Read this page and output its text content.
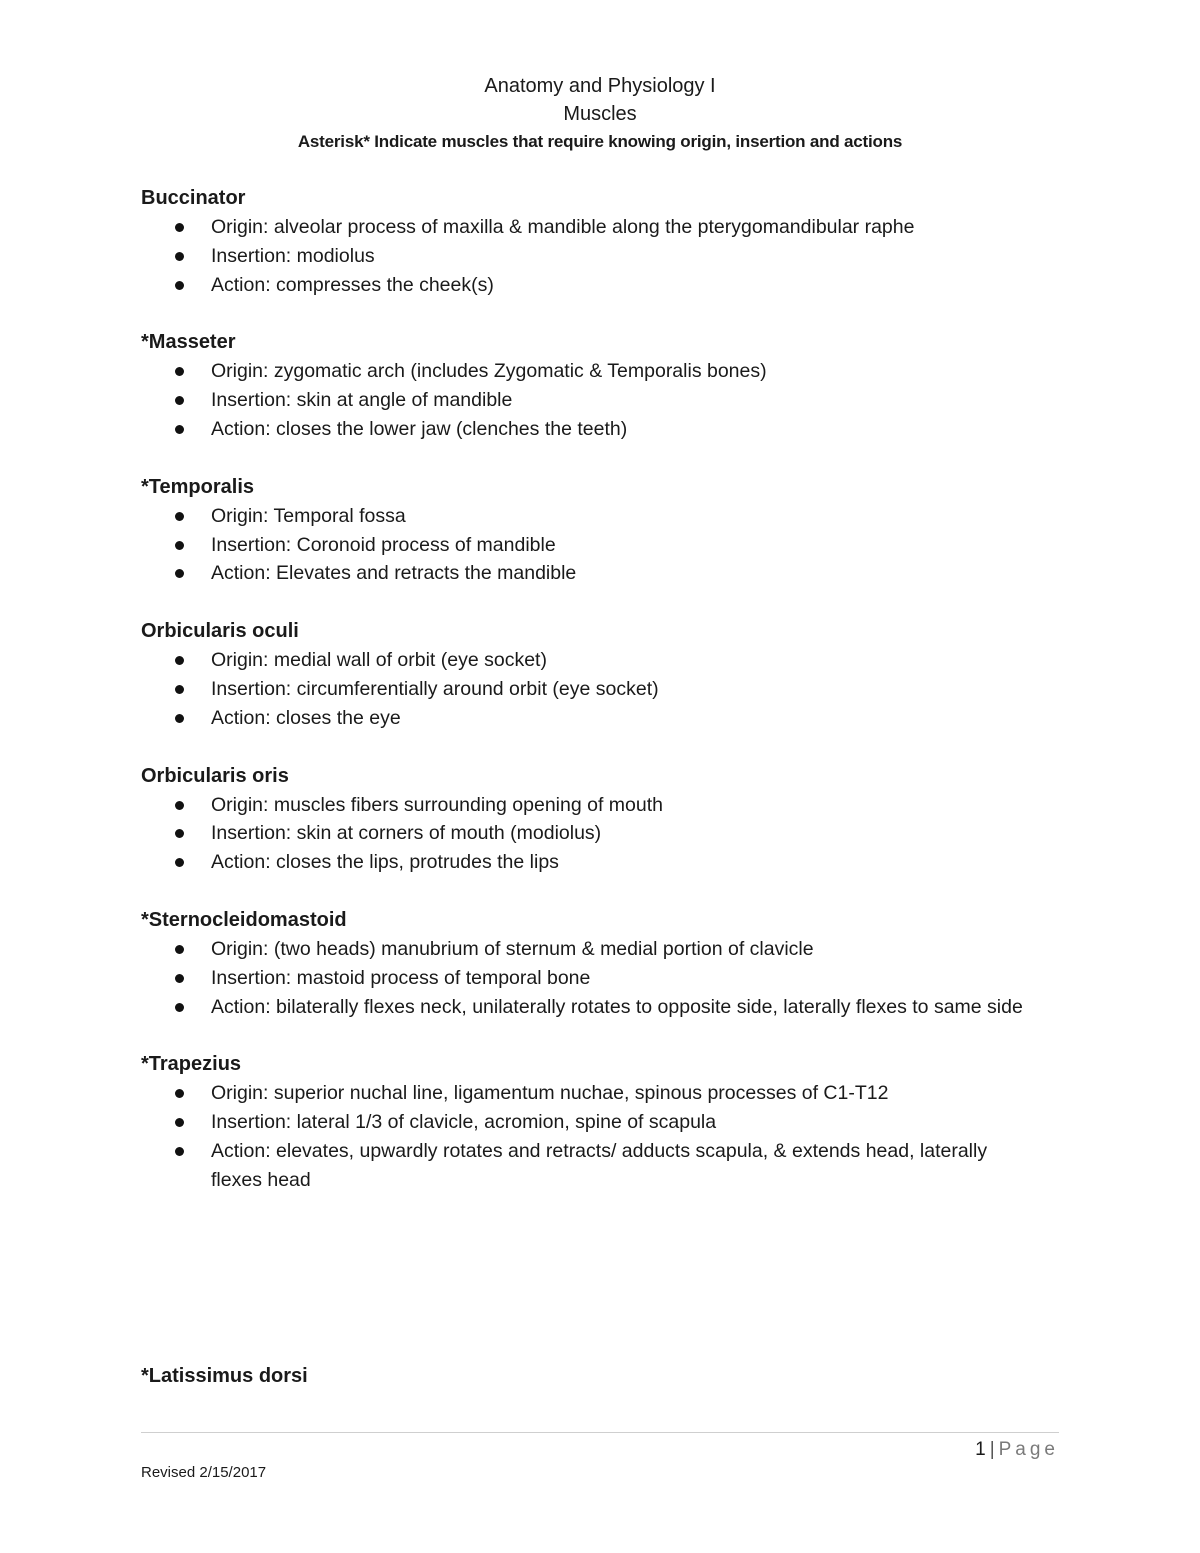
Anatomy and Physiology I
Muscles
Asterisk* Indicate muscles that require knowing origin, insertion and actions
Buccinator
Origin: alveolar process of maxilla & mandible along the pterygomandibular raphe
Insertion: modiolus
Action: compresses the cheek(s)
*Masseter
Origin: zygomatic arch (includes Zygomatic & Temporalis bones)
Insertion: skin at angle of mandible
Action: closes the lower jaw (clenches the teeth)
*Temporalis
Origin: Temporal fossa
Insertion: Coronoid process of mandible
Action: Elevates and retracts the mandible
Orbicularis oculi
Origin: medial wall of orbit (eye socket)
Insertion: circumferentially around orbit (eye socket)
Action: closes the eye
Orbicularis oris
Origin: muscles fibers surrounding opening of mouth
Insertion: skin at corners of mouth (modiolus)
Action: closes the lips, protrudes the lips
*Sternocleidomastoid
Origin: (two heads) manubrium of sternum & medial portion of clavicle
Insertion: mastoid process of temporal bone
Action: bilaterally flexes neck, unilaterally rotates to opposite side, laterally flexes to same side
*Trapezius
Origin: superior nuchal line, ligamentum nuchae, spinous processes of C1-T12
Insertion: lateral 1/3 of clavicle, acromion, spine of scapula
Action: elevates, upwardly rotates and retracts/ adducts scapula, & extends head, laterally flexes head
*Latissimus dorsi
1 | Page
Revised 2/15/2017
